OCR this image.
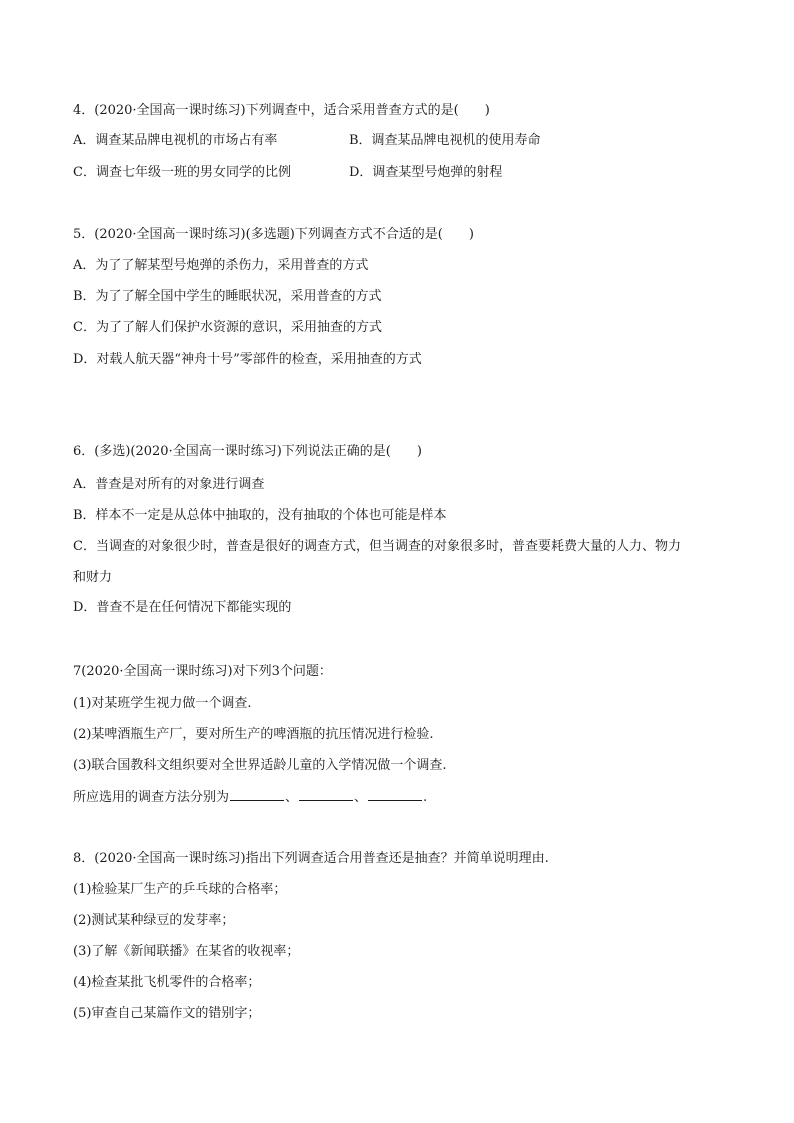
4．(2020·全国高一课时练习)下列调查中，适合采用普查方式的是(　　)
A．调查某品牌电视机的市场占有率	B．调查某品牌电视机的使用寿命
C．调查七年级一班的男女同学的比例	D．调查某型号炮弹的射程
5．(2020·全国高一课时练习)(多选题)下列调查方式不合适的是(　　)
A．为了了解某型号炮弹的杀伤力，采用普查的方式
B．为了了解全国中学生的睡眠状况，采用普查的方式
C．为了了解人们保护水资源的意识，采用抽查的方式
D．对载人航天器“神舟十号”零部件的检查，采用抽查的方式
6．(多选)(2020·全国高一课时练习)下列说法正确的是(　　)
A．普查是对所有的对象进行调查
B．样本不一定是从总体中抽取的，没有抽取的个体也可能是样本
C．当调查的对象很少时，普查是很好的调查方式，但当调查的对象很多时，普查要耗费大量的人力、物力
和财力
D．普查不是在任何情况下都能实现的
7(2020·全国高一课时练习)对下列3个问题：
(1)对某班学生视力做一个调查.
(2)某啤酒瓶生产厂，要对所生产的啤酒瓶的抗压情况进行检验.
(3)联合国教科文组织要对全世界适龄儿童的入学情况做一个调查.
所应选用的调查方法分别为	、	、	.
8．(2020·全国高一课时练习)指出下列调查适合用普查还是抽查？并简单说明理由.
(1)检验某厂生产的乒乓球的合格率；
(2)测试某种绿豆的发芽率；
(3)了解《新闻联播》在某省的收视率；
(4)检查某批飞机零件的合格率；
(5)审查自己某篇作文的错别字；
